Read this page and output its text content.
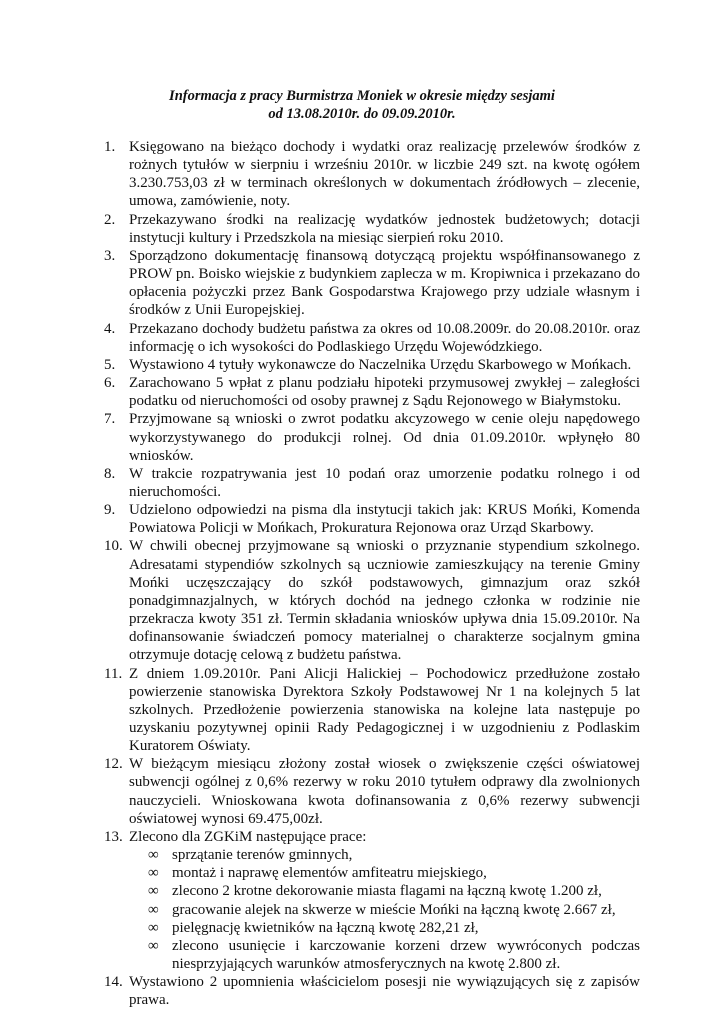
Informacja z pracy Burmistrza Moniek w okresie między sesjami
od 13.08.2010r. do 09.09.2010r.
1. Księgowano na bieżąco dochody i wydatki oraz realizację przelewów środków z rożnych tytułów w sierpniu i wrześniu 2010r. w liczbie 249 szt. na kwotę ogółem 3.230.753,03 zł w terminach określonych w dokumentach źródłowych – zlecenie, umowa, zamówienie, noty.
2. Przekazywano środki na realizację wydatków jednostek budżetowych; dotacji instytucji kultury i Przedszkola na miesiąc sierpień roku 2010.
3. Sporządzono dokumentację finansową dotyczącą projektu współfinansowanego z PROW pn. Boisko wiejskie z budynkiem zaplecza w m. Kropiwnica i przekazano do opłacenia pożyczki przez Bank Gospodarstwa Krajowego przy udziale własnym i środków z Unii Europejskiej.
4. Przekazano dochody budżetu państwa za okres od 10.08.2009r. do 20.08.2010r. oraz informację o ich wysokości do Podlaskiego Urzędu Wojewódzkiego.
5. Wystawiono 4 tytuły wykonawcze do Naczelnika Urzędu Skarbowego w Mońkach.
6. Zarachowano 5 wpłat z planu podziału hipoteki przymusowej zwykłej – zaległości podatku od nieruchomości od osoby prawnej z Sądu Rejonowego w Białymstoku.
7. Przyjmowane są wnioski o zwrot podatku akcyzowego w cenie oleju napędowego wykorzystywanego do produkcji rolnej. Od dnia 01.09.2010r. wpłynęło 80 wniosków.
8. W trakcie rozpatrywania jest 10 podań oraz umorzenie podatku rolnego i od nieruchomości.
9. Udzielono odpowiedzi na pisma dla instytucji takich jak: KRUS Mońki, Komenda Powiatowa Policji w Mońkach, Prokuratura Rejonowa oraz Urząd Skarbowy.
10. W chwili obecnej przyjmowane są wnioski o przyznanie stypendium szkolnego. Adresatami stypendiów szkolnych są uczniowie zamieszkujący na terenie Gminy Mońki uczęszczający do szkół podstawowych, gimnazjum oraz szkół ponadgimnazjalnych, w których dochód na jednego członka w rodzinie nie przekracza kwoty 351 zł. Termin składania wniosków upływa dnia 15.09.2010r. Na dofinansowanie świadczeń pomocy materialnej o charakterze socjalnym gmina otrzymuje dotację celową z budżetu państwa.
11. Z dniem 1.09.2010r. Pani Alicji Halickiej – Pochodowicz przedłużone zostało powierzenie stanowiska Dyrektora Szkoły Podstawowej Nr 1 na kolejnych 5 lat szkolnych. Przedłożenie powierzenia stanowiska na kolejne lata następuje po uzyskaniu pozytywnej opinii Rady Pedagogicznej i w uzgodnieniu z Podlaskim Kuratorem Oświaty.
12. W bieżącym miesiącu złożony został wiosek o zwiększenie części oświatowej subwencji ogólnej z 0,6% rezerwy w roku 2010 tytułem odprawy dla zwolnionych nauczycieli. Wnioskowana kwota dofinansowania z 0,6% rezerwy subwencji oświatowej wynosi 69.475,00zł.
13. Zlecono dla ZGKiM następujące prace:
∞ sprzątanie terenów gminnych,
∞ montaż i naprawę elementów amfiteatru miejskiego,
∞ zlecono 2 krotne dekorowanie miasta flagami na łączną kwotę 1.200 zł,
∞ gracowanie alejek na skwerze w mieście Mońki na łączną kwotę 2.667 zł,
∞ pielęgnację kwietników na łączną kwotę 282,21 zł,
∞ zlecono usunięcie i karczowanie korzeni drzew wywróconych podczas niesprzyjających warunków atmosferycznych na kwotę 2.800 zł.
14. Wystawiono 2 upomnienia właścicielom posesji nie wywiązujących się z zapisów prawa.
